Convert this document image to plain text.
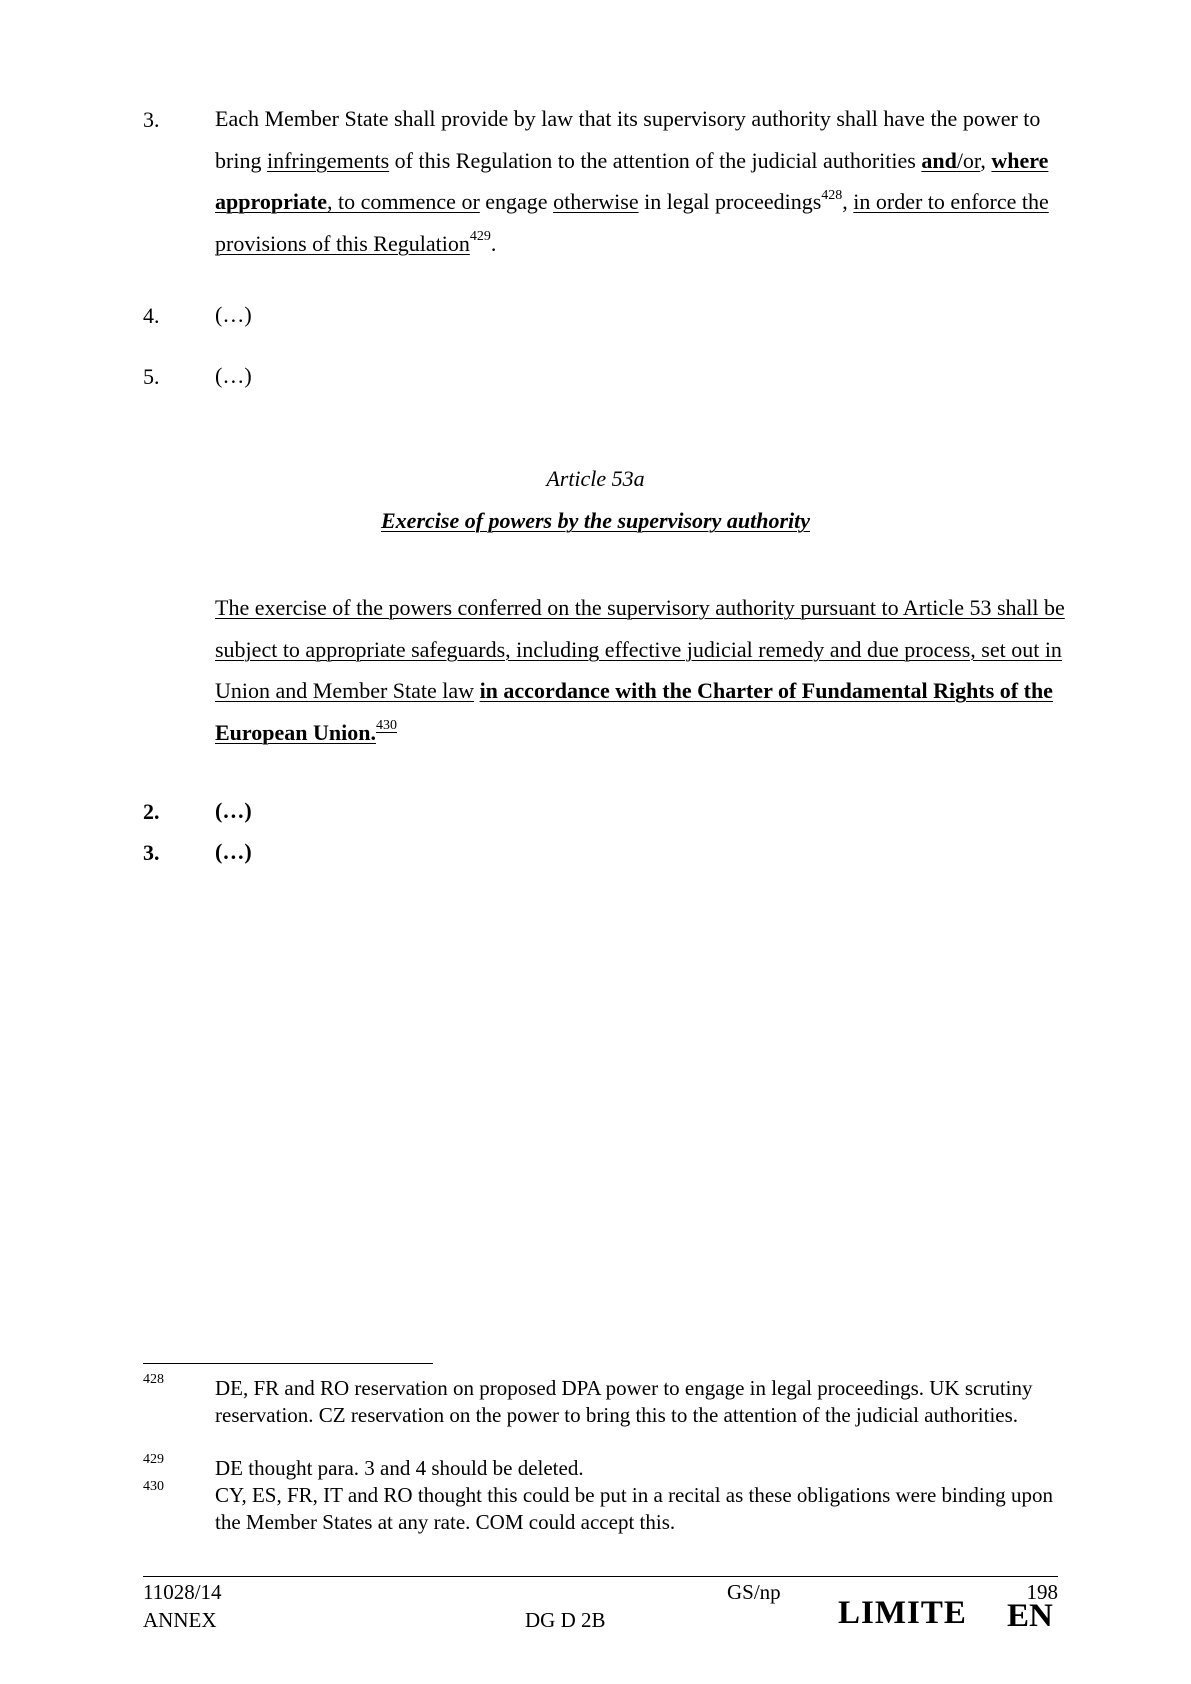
3.	Each Member State shall provide by law that its supervisory authority shall have the power to bring infringements of this Regulation to the attention of the judicial authorities and/or, where appropriate, to commence or engage otherwise in legal proceedings$^{428}$, in order to enforce the provisions of this Regulation$^{429}$.
4.	(…)
5.	(…)
Article 53a
Exercise of powers by the supervisory authority
The exercise of the powers conferred on the supervisory authority pursuant to Article 53 shall be subject to appropriate safeguards, including effective judicial remedy and due process, set out in Union and Member State law in accordance with the Charter of Fundamental Rights of the European Union.$^{430}$
2.	(…)
3.	(…)
428 DE, FR and RO reservation on proposed DPA power to engage in legal proceedings. UK scrutiny reservation. CZ reservation on the power to bring this to the attention of the judicial authorities.
429 DE thought para. 3 and 4 should be deleted.
430 CY, ES, FR, IT and RO thought this could be put in a recital as these obligations were binding upon the Member States at any rate. COM could accept this.
11028/14
ANNEX
GS/np
DG D 2B
198
LIMITE EN
